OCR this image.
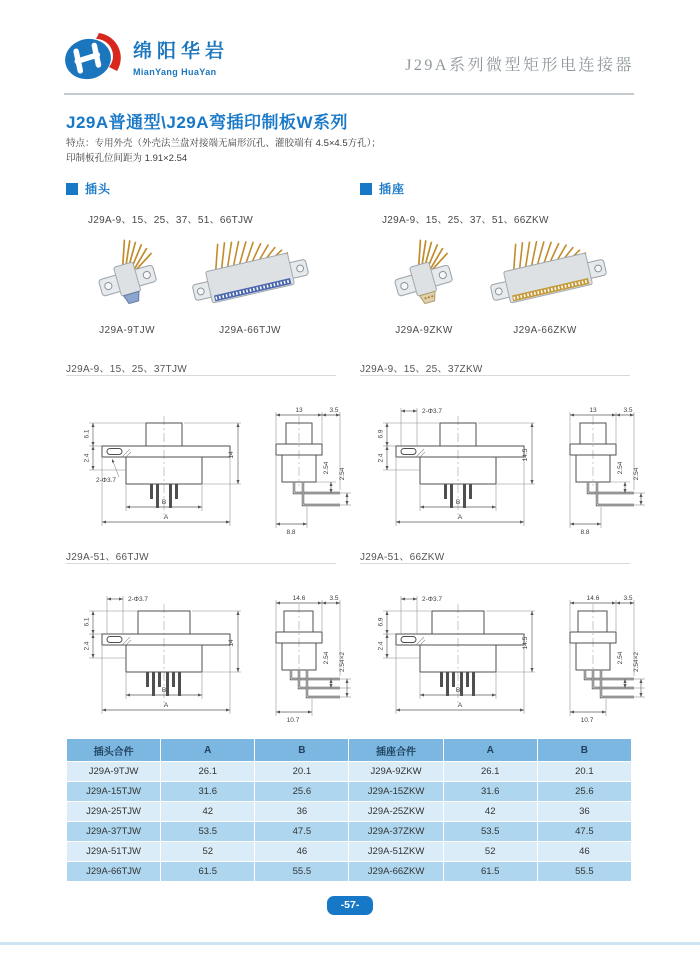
绵阳华岩
MianYang HuaYan	J29A系列微型矩形电连接器
J29A普通型\J29A弯插印制板W系列
特点：专用外壳（外壳法兰盘对接端无扁形沉孔、灌胶端有 4.5×4.5方孔）；
印制板孔位间距为 1.91×2.54
插头	插座
J29A-9、15、25、37、51、66TJW	J29A-9、15、25、37、51、66ZKW
J29A-9TJW	J29A-66TJW	J29A-9ZKW	J29A-66ZKW
J29A-9、15、25、37TJW	J29A-9、15、25、37ZKW
A
B
14
6.1
2.4
2-Φ3.7
13	3.5
2.54 2.54
8.8
2-Φ3.7
A
B
14.5
6.9
2.4
13	3.5
2.54 2.54
8.8
J29A-51、66TJW	J29A-51、66ZKW
2-Φ3.7
A
B
14
6.1
2.4
14.6	3.5
2.54 2.54×2
10.7
2-Φ3.7
A
B
14.5
6.9
2.4
14.6	3.5
2.54 2.54×2
10.7
插头合件	A	B	插座合件	A	B
J29A-9TJW	26.1	20.1	J29A-9ZKW	26.1	20.1
J29A-15TJW	31.6	25.6	J29A-15ZKW	31.6	25.6
J29A-25TJW	42	36	J29A-25ZKW	42	36
J29A-37TJW	53.5	47.5	J29A-37ZKW	53.5	47.5
J29A-51TJW	52	46	J29A-51ZKW	52	46
J29A-66TJW	61.5	55.5	J29A-66ZKW	61.5	55.5
-57-
